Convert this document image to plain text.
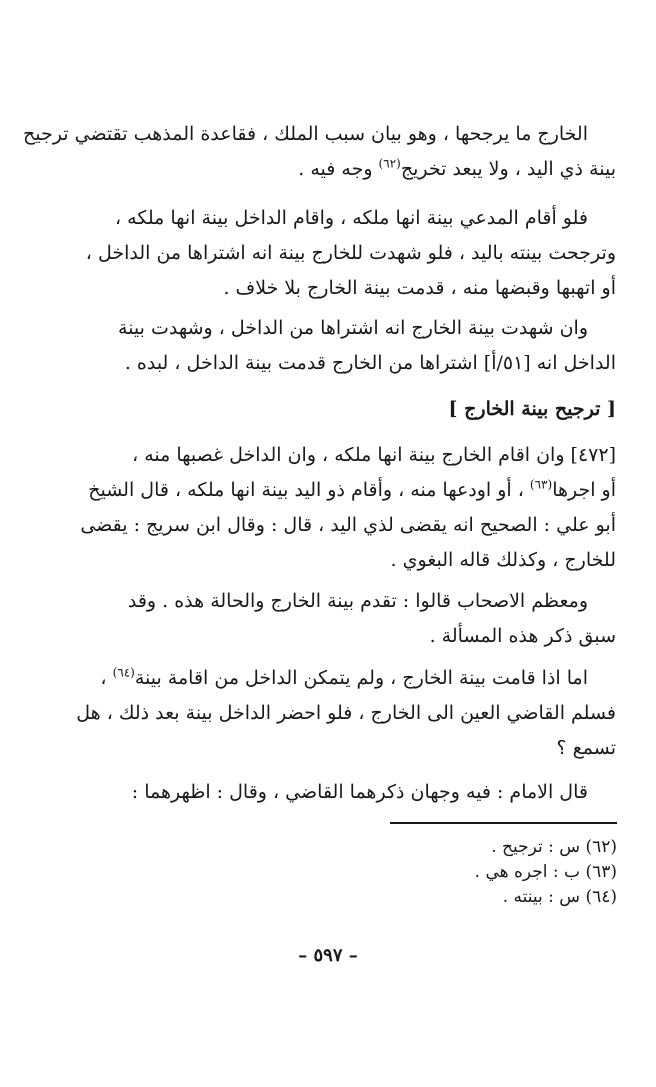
الخارج ما يرجحها ، وهو بيان سبب الملك ، فقاعدة المذهب تقتضي ترجيح
بينة ذي اليد ، ولا يبعد تخريج$^{(٦٢)}$ وجه فيه .
فلو أقام المدعي بينة انها ملكه ، واقام الداخل بينة انها ملكه ،
وترجحت بينته باليد ، فلو شهدت للخارج بينة انه اشتراها من الداخل ،
أو اتهبها وقبضها منه ، قدمت بينة الخارج بلا خلاف .
وان شهدت بينة الخارج انه اشتراها من الداخل ، وشهدت بينة
الداخل انه [٥١/أ] اشتراها من الخارج قدمت بينة الداخل ، لبده .
[ ترجيح بينة الخارج ]
[٤٧٢] وان اقام الخارج بينة انها ملكه ، وان الداخل غصبها منه ،
أو اجرها$^{(٦٣)}$ ، أو اودعها منه ، وأقام ذو اليد بينة انها ملكه ، قال الشيخ
أبو علي : الصحيح انه يقضى لذي اليد ، قال : وقال ابن سريج : يقضى
للخارج ، وكذلك قاله البغوي .
ومعظم الاصحاب قالوا : تقدم بينة الخارج والحالة هذه . وقد
سبق ذكر هذه المسألة .
اما اذا قامت بينة الخارج ، ولم يتمكن الداخل من اقامة بينة$^{(٦٤)}$ ،
فسلم القاضي العين الى الخارج ، فلو احضر الداخل بينة بعد ذلك ، هل
تسمع ؟
قال الامام : فيه وجهان ذكرهما القاضي ، وقال : اظهرهما :
(٦٢) س : ترجيح .
(٦٣) ب : اجره هي .
(٦٤) س : بينته .
– ٥٩٧ –
